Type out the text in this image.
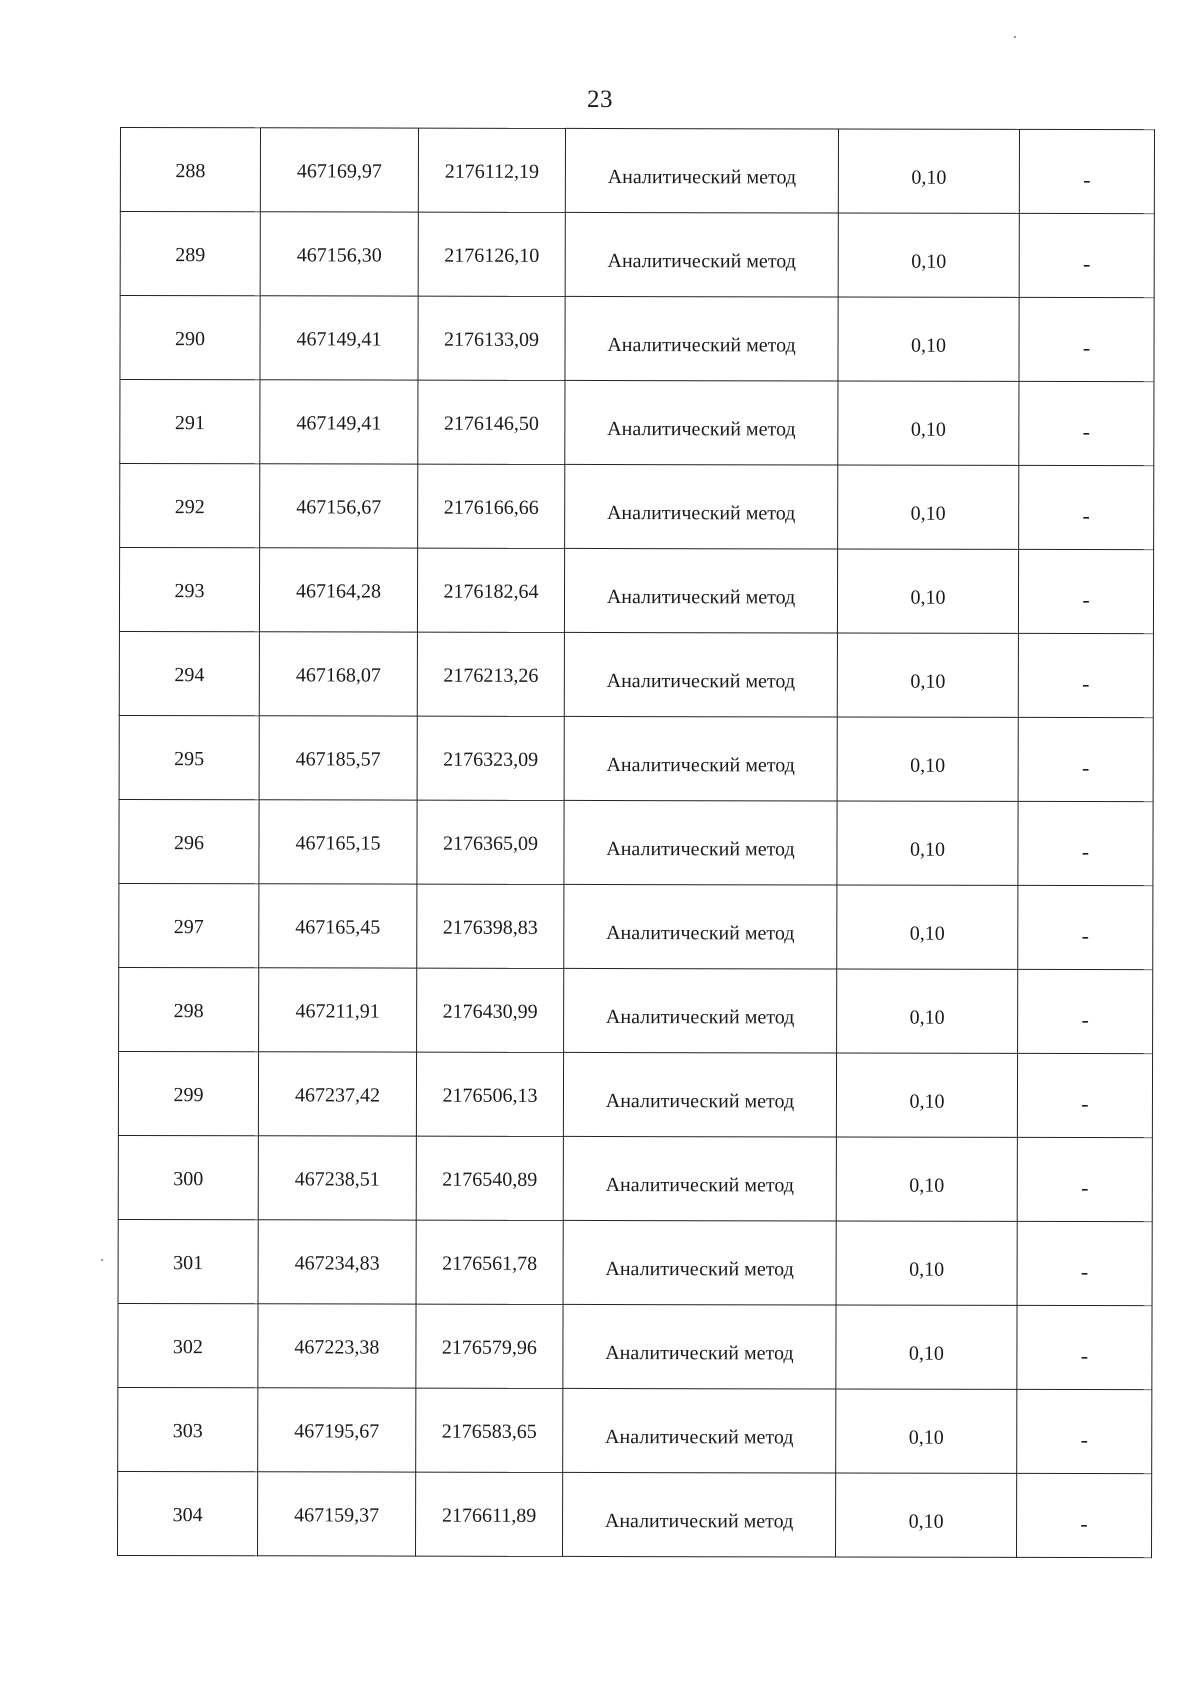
23
288	467169,97	2176112,19	Аналитический метод	0,10	-
289	467156,30	2176126,10	Аналитический метод	0,10	-
290	467149,41	2176133,09	Аналитический метод	0,10	-
291	467149,41	2176146,50	Аналитический метод	0,10	-
292	467156,67	2176166,66	Аналитический метод	0,10	-
293	467164,28	2176182,64	Аналитический метод	0,10	-
294	467168,07	2176213,26	Аналитический метод	0,10	-
295	467185,57	2176323,09	Аналитический метод	0,10	-
296	467165,15	2176365,09	Аналитический метод	0,10	-
297	467165,45	2176398,83	Аналитический метод	0,10	-
298	467211,91	2176430,99	Аналитический метод	0,10	-
299	467237,42	2176506,13	Аналитический метод	0,10	-
300	467238,51	2176540,89	Аналитический метод	0,10	-
301	467234,83	2176561,78	Аналитический метод	0,10	-
302	467223,38	2176579,96	Аналитический метод	0,10	-
303	467195,67	2176583,65	Аналитический метод	0,10	-
304	467159,37	2176611,89	Аналитический метод	0,10	-
